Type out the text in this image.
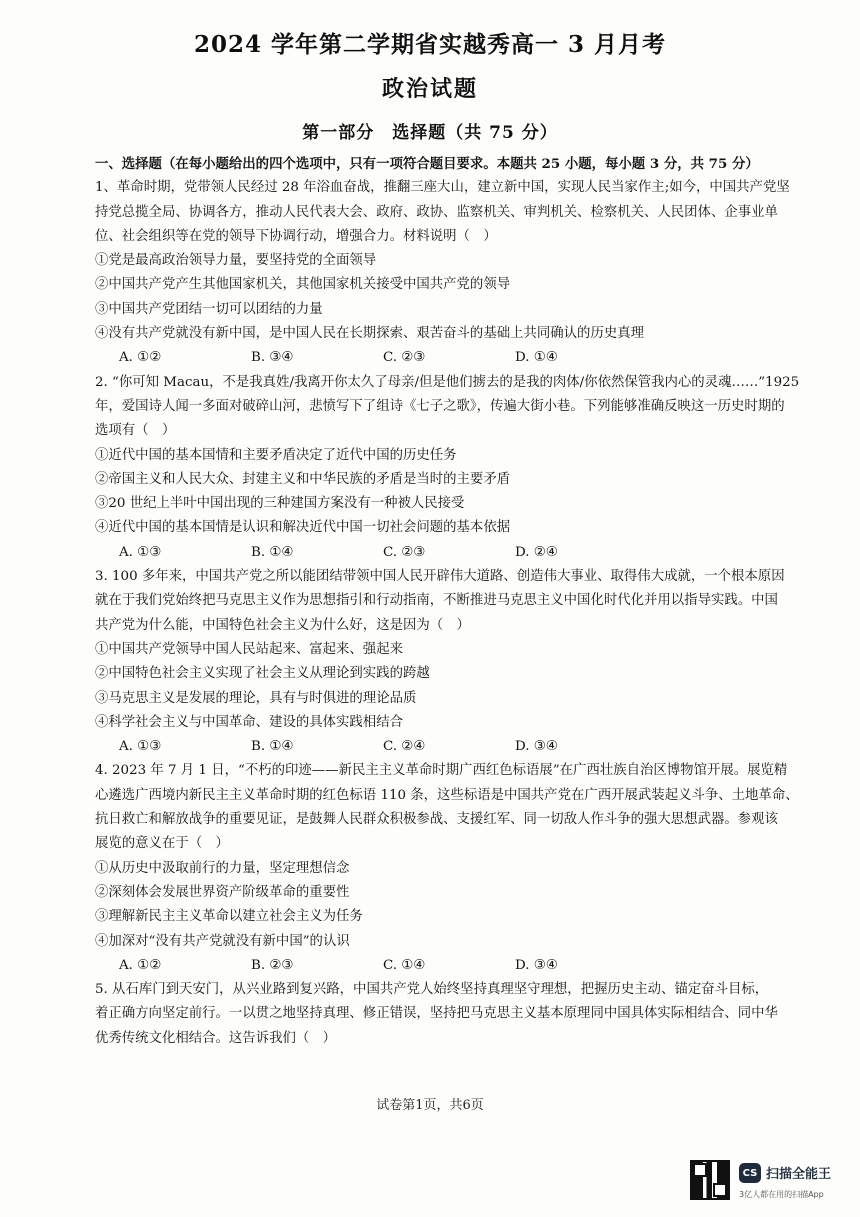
2024 学年第二学期省实越秀高一 3 月月考
政治试题
第一部分　选择题（共 75 分）

一、选择题（在每小题给出的四个选项中，只有一项符合题目要求。本题共 25 小题，每小题 3 分，共 75 分）

1、革命时期，党带领人民经过 28 年浴血奋战，推翻三座大山，建立新中国，实现人民当家作主;如今，中国共产党坚

持党总揽全局、协调各方，推动人民代表大会、政府、政协、监察机关、审判机关、检察机关、人民团体、企事业单

位、社会组织等在党的领导下协调行动，增强合力。材料说明（　）

①党是最高政治领导力量，要坚持党的全面领导

②中国共产党产生其他国家机关，其他国家机关接受中国共产党的领导

③中国共产党团结一切可以团结的力量

④没有共产党就没有新中国，是中国人民在长期探索、艰苦奋斗的基础上共同确认的历史真理

A. ①②	B. ③④	C. ②③	D. ①④

2. “你可知 Macau，不是我真姓/我离开你太久了母亲/但是他们掳去的是我的肉体/你依然保管我内心的灵魂……”1925

年，爱国诗人闻一多面对破碎山河，悲愤写下了组诗《七子之歌》，传遍大街小巷。下列能够准确反映这一历史时期的

选项有（　）

①近代中国的基本国情和主要矛盾决定了近代中国的历史任务

②帝国主义和人民大众、封建主义和中华民族的矛盾是当时的主要矛盾

③20 世纪上半叶中国出现的三种建国方案没有一种被人民接受

④近代中国的基本国情是认识和解决近代中国一切社会问题的基本依据

A. ①③	B. ①④	C. ②③	D. ②④

3. 100 多年来，中国共产党之所以能团结带领中国人民开辟伟大道路、创造伟大事业、取得伟大成就，一个根本原因

就在于我们党始终把马克思主义作为思想指引和行动指南，不断推进马克思主义中国化时代化并用以指导实践。中国

共产党为什么能，中国特色社会主义为什么好，这是因为（　）

①中国共产党领导中国人民站起来、富起来、强起来

②中国特色社会主义实现了社会主义从理论到实践的跨越

③马克思主义是发展的理论，具有与时俱进的理论品质

④科学社会主义与中国革命、建设的具体实践相结合

A. ①③	B. ①④	C. ②④	D. ③④

4. 2023 年 7 月 1 日，“不朽的印迹——新民主主义革命时期广西红色标语展”在广西壮族自治区博物馆开展。展览精

心遴选广西境内新民主主义革命时期的红色标语 110 条，这些标语是中国共产党在广西开展武装起义斗争、土地革命、

抗日救亡和解放战争的重要见证，是鼓舞人民群众积极参战、支援红军、同一切敌人作斗争的强大思想武器。参观该

展览的意义在于（　）

①从历史中汲取前行的力量，坚定理想信念

②深刻体会发展世界资产阶级革命的重要性

③理解新民主主义革命以建立社会主义为任务

④加深对“没有共产党就没有新中国”的认识

A. ①②	B. ②③	C. ①④	D. ③④

5. 从石库门到天安门，从兴业路到复兴路，中国共产党人始终坚持真理坚守理想，把握历史主动、锚定奋斗目标，

着正确方向坚定前行。一以贯之地坚持真理、修正错误，坚持把马克思主义基本原理同中国具体实际相结合、同中华

优秀传统文化相结合。这告诉我们（　）

试卷第1页，共6页
CS 扫描全能王
3亿人都在用的扫描App
